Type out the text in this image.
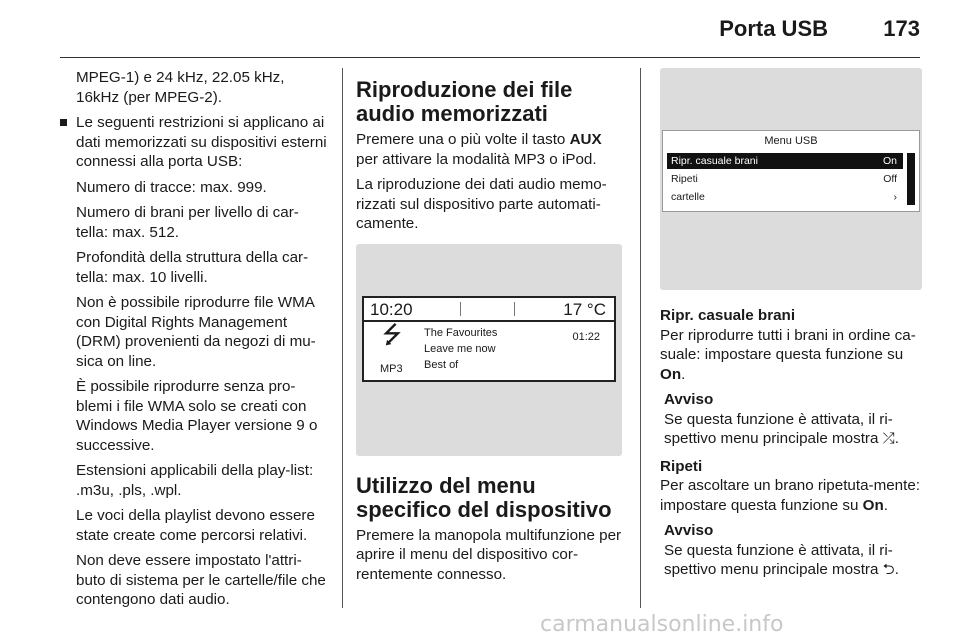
Porta USB	173

MPEG-1) e 24 kHz, 22.05 kHz, 16kHz (per MPEG-2).

Le seguenti restrizioni si applicano ai dati memorizzati su dispositivi esterni connessi alla porta USB:

Numero di tracce: max. 999.

Numero di brani per livello di car-tella: max. 512.

Profondità della struttura della car-tella: max. 10 livelli.

Non è possibile riprodurre file WMA con Digital Rights Management (DRM) provenienti da negozi di mu-sica on line.

È possibile riprodurre senza pro-blemi i file WMA solo se creati con Windows Media Player versione 9 o successive.

Estensioni applicabili della play-list: .m3u, .pls, .wpl.

Le voci della playlist devono essere state create come percorsi relativi.

Non deve essere impostato l'attri-buto di sistema per le cartelle/file che contengono dati audio.

Riproduzione dei file audio memorizzati

Premere una o più volte il tasto AUX per attivare la modalità MP3 o iPod.

La riproduzione dei dati audio memo-rizzati sul dispositivo parte automati-camente.

10:20	17 °C
⭍
MP3
The Favourites
Leave me now
Best of
01:22
Utilizzo del menu specifico del dispositivo

Premere la manopola multifunzione per aprire il menu del dispositivo cor-rentemente connesso.

Menu USB
Ripr. casuale brani	On
Ripeti	Off
cartelle	›

Ripr. casuale brani

Per riprodurre tutti i brani in ordine ca-suale: impostare questa funzione su On.

Avviso
Se questa funzione è attivata, il ri-spettivo menu principale mostra ⤮.

Ripeti

Per ascoltare un brano ripetuta-mente: impostare questa funzione su On.

Avviso
Se questa funzione è attivata, il ri-spettivo menu principale mostra ⮌.
carmanualsonline.info
